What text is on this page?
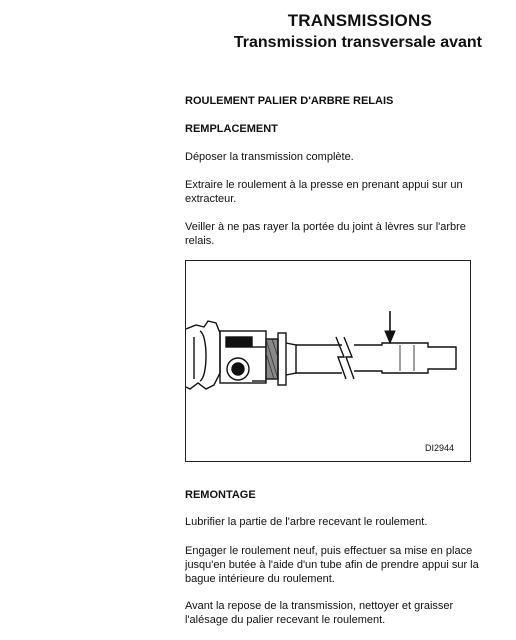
TRANSMISSIONS
Transmission transversale avant
ROULEMENT PALIER D'ARBRE RELAIS
REMPLACEMENT

Déposer la transmission complète.

Extraire le roulement à la presse en prenant appui sur un extracteur.

Veiller à ne pas rayer la portée du joint à lèvres sur l'arbre relais.

DI2944
REMONTAGE

Lubrifier la partie de l'arbre recevant le roulement.

Engager le roulement neuf, puis effectuer sa mise en place jusqu'en butée à l'aide d'un tube afin de prendre appui sur la bague intérieure du roulement.

Avant la repose de la transmission, nettoyer et graisser l'alésage du palier recevant le roulement.
